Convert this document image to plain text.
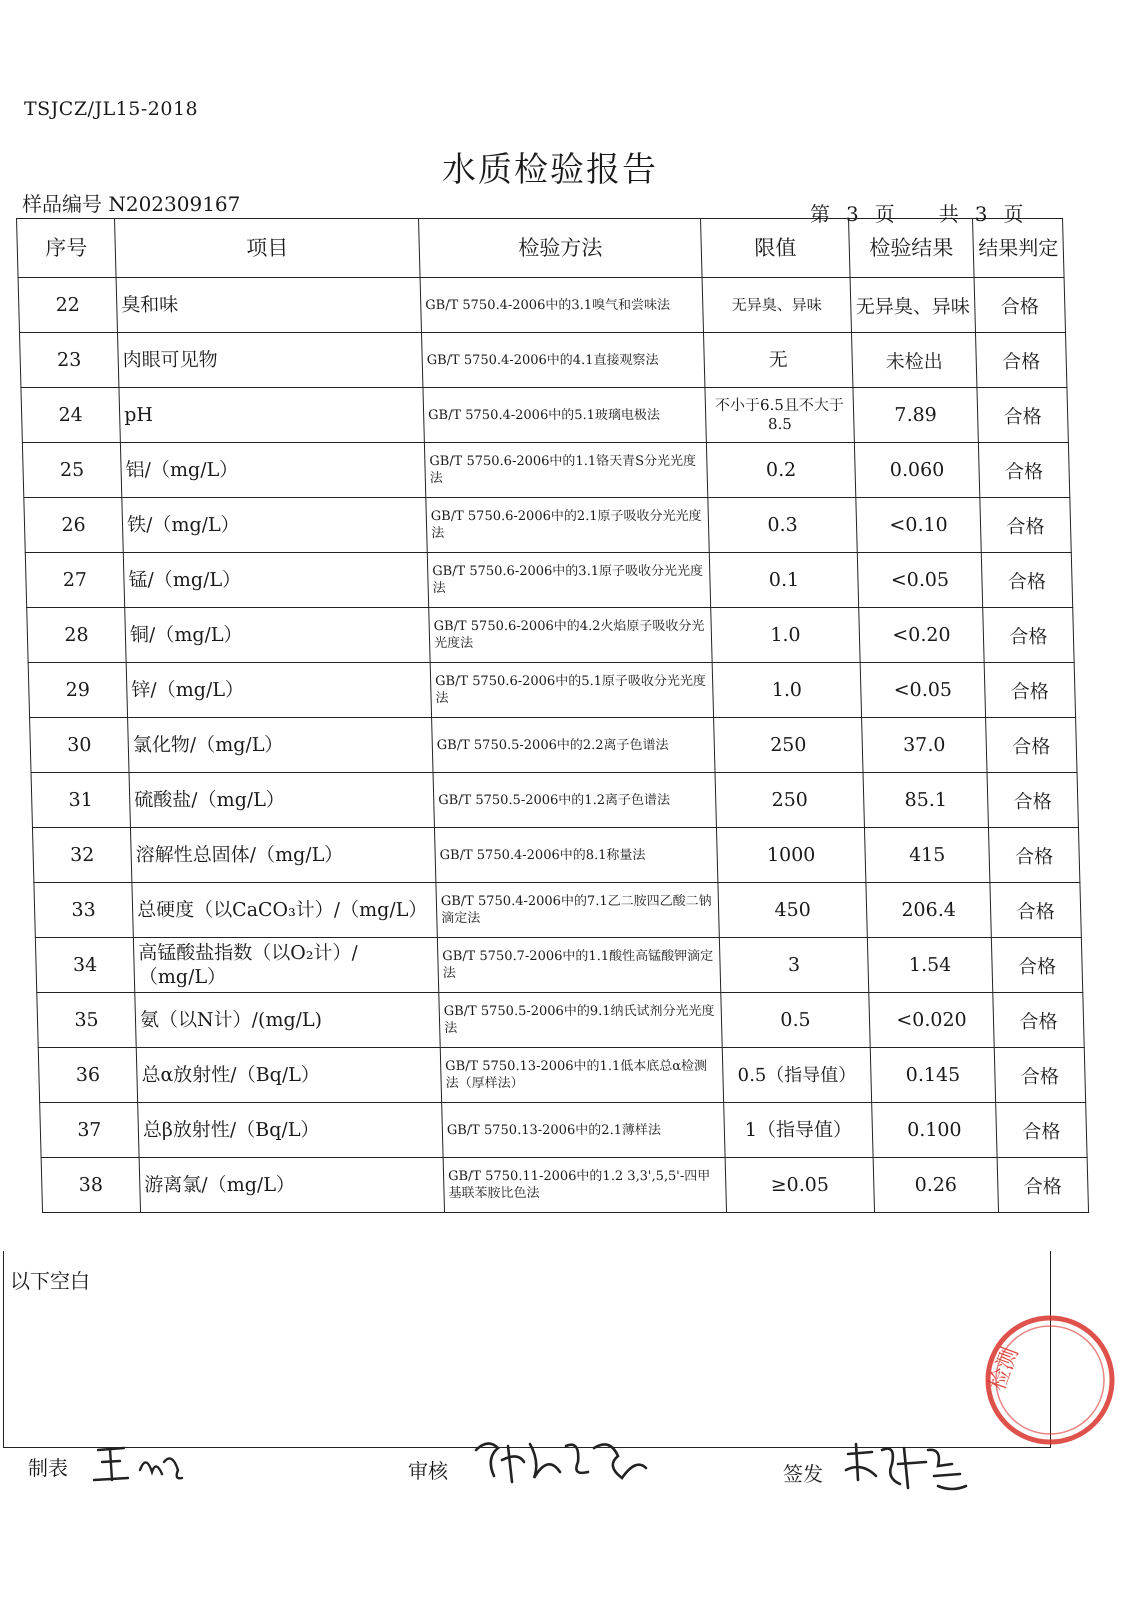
TSJCZ/JL15-2018
水质检验报告
样品编号 N202309167	第 3 页 共 3 页
序号	项目	检验方法	限值	检验结果	结果判定
22	臭和味	GB/T 5750.4-2006中的3.1嗅气和尝味法	无异臭、异味	无异臭、异味	合格
23	肉眼可见物	GB/T 5750.4-2006中的4.1直接观察法	无	未检出	合格
24	pH	GB/T 5750.4-2006中的5.1玻璃电极法	不小于6.5且不大于8.5	7.89	合格
25	铝/（mg/L）	GB/T 5750.6-2006中的1.1铬天青S分光光度法	0.2	0.060	合格
26	铁/（mg/L）	GB/T 5750.6-2006中的2.1原子吸收分光光度法	0.3	<0.10	合格
27	锰/（mg/L）	GB/T 5750.6-2006中的3.1原子吸收分光光度法	0.1	<0.05	合格
28	铜/（mg/L）	GB/T 5750.6-2006中的4.2火焰原子吸收分光光度法	1.0	<0.20	合格
29	锌/（mg/L）	GB/T 5750.6-2006中的5.1原子吸收分光光度法	1.0	<0.05	合格
30	氯化物/（mg/L）	GB/T 5750.5-2006中的2.2离子色谱法	250	37.0	合格
31	硫酸盐/（mg/L）	GB/T 5750.5-2006中的1.2离子色谱法	250	85.1	合格
32	溶解性总固体/（mg/L）	GB/T 5750.4-2006中的8.1称量法	1000	415	合格
33	总硬度（以CaCO₃计）/（mg/L）	GB/T 5750.4-2006中的7.1乙二胺四乙酸二钠滴定法	450	206.4	合格
34	高锰酸盐指数（以O₂计）/（mg/L）	GB/T 5750.7-2006中的1.1酸性高锰酸钾滴定法	3	1.54	合格
35	氨（以N计）/(mg/L)	GB/T 5750.5-2006中的9.1纳氏试剂分光光度法	0.5	<0.020	合格
36	总α放射性/（Bq/L）	GB/T 5750.13-2006中的1.1低本底总α检测法（厚样法）	0.5（指导值）	0.145	合格
37	总β放射性/（Bq/L）	GB/T 5750.13-2006中的2.1薄样法	1（指导值）	0.100	合格
38	游离氯/（mg/L）	GB/T 5750.11-2006中的1.2 3,3',5,5'-四甲基联苯胺比色法	≥0.05	0.26	合格
以下空白
检测
制表
王
审核
孙晓波
签发
郭继征
